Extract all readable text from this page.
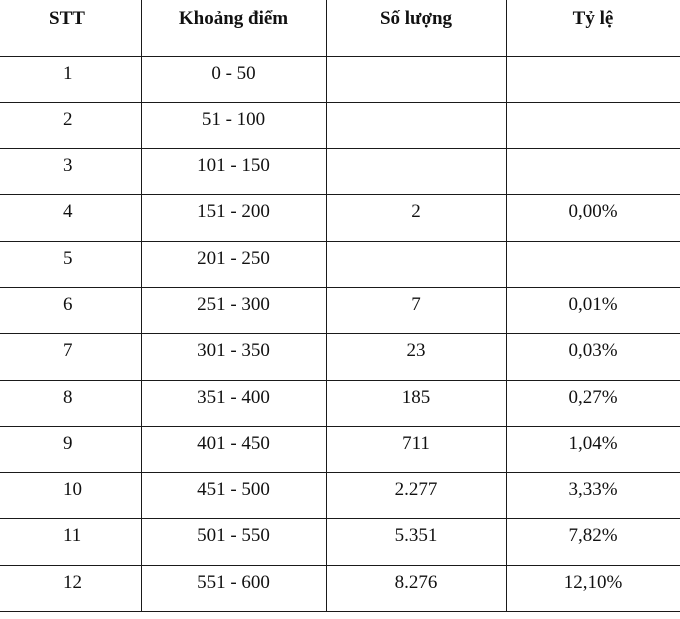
STT	Khoảng điểm	Số lượng	Tỷ lệ
1	0 - 50		
2	51 - 100		
3	101 - 150		
4	151 - 200	2	0,00%
5	201 - 250		
6	251 - 300	7	0,01%
7	301 - 350	23	0,03%
8	351 - 400	185	0,27%
9	401 - 450	711	1,04%
10	451 - 500	2.277	3,33%
11	501 - 550	5.351	7,82%
12	551 - 600	8.276	12,10%
